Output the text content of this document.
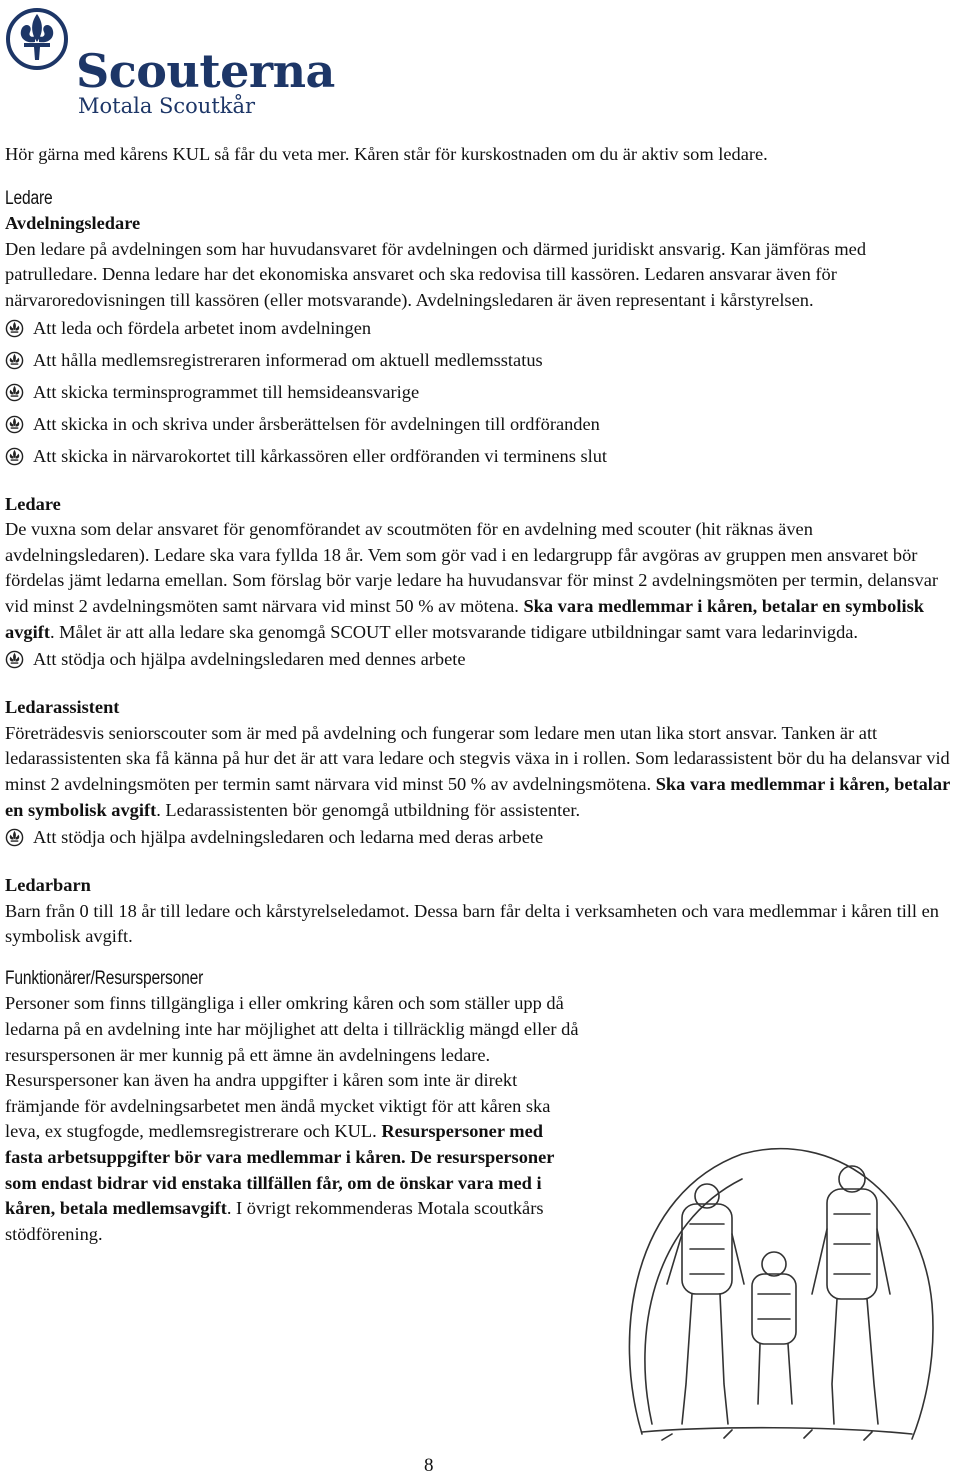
Scouterna
Motala Scoutkår

Hör gärna med kårens KUL så får du veta mer. Kåren står för kurskostnaden om du är aktiv som ledare.

Ledare

Avdelningsledare

Den ledare på avdelningen som har huvudansvaret för avdelningen och därmed juridiskt ansvarig. Kan jämföras med patrulledare. Denna ledare har det ekonomiska ansvaret och ska redovisa till kassören. Ledaren ansvarar även för närvaroredovisningen till kassören (eller motsvarande). Avdelningsledaren är även representant i kårstyrelsen.

Att leda och fördela arbetet inom avdelningen
Att hålla medlemsregistreraren informerad om aktuell medlemsstatus
Att skicka terminsprogrammet till hemsideansvarige
Att skicka in och skriva under årsberättelsen för avdelningen till ordföranden
Att skicka in närvarokortet till kårkassören eller ordföranden vi terminens slut

Ledare

De vuxna som delar ansvaret för genomförandet av scoutmöten för en avdelning med scouter (hit räknas även avdelningsledaren). Ledare ska vara fyllda 18 år. Vem som gör vad i en ledargrupp får avgöras av gruppen men ansvaret bör fördelas jämt ledarna emellan. Som förslag bör varje ledare ha huvudansvar för minst 2 avdelningsmöten per termin, delansvar vid minst 2 avdelningsmöten samt närvara vid minst 50 % av mötena. Ska vara medlemmar i kåren, betalar en symbolisk avgift. Målet är att alla ledare ska genomgå SCOUT eller motsvarande tidigare utbildningar samt vara ledarinvigda.

Att stödja och hjälpa avdelningsledaren med dennes arbete

Ledarassistent

Företrädesvis seniorscouter som är med på avdelning och fungerar som ledare men utan lika stort ansvar. Tanken är att ledarassistenten ska få känna på hur det är att vara ledare och stegvis växa in i rollen. Som ledarassistent bör du ha delansvar vid minst 2 avdelningsmöten per termin samt närvara vid minst 50 % av avdelningsmötena. Ska vara medlemmar i kåren, betalar en symbolisk avgift. Ledarassistenten bör genomgå utbildning för assistenter.

Att stödja och hjälpa avdelningsledaren och ledarna med deras arbete

Ledarbarn

Barn från 0 till 18 år till ledare och kårstyrelseledamot. Dessa barn får delta i verksamheten och vara medlemmar i kåren till en symbolisk avgift.

Funktionärer/Resurspersoner

Personer som finns tillgängliga i eller omkring kåren och som ställer upp då ledarna på en avdelning inte har möjlighet att delta i tillräcklig mängd eller då resurspersonen är mer kunnig på ett ämne än avdelningens ledare. Resurspersoner kan även ha andra uppgifter i kåren som inte är direkt främjande för avdelningsarbetet men ändå mycket viktigt för att kåren ska leva, ex stugfogde, medlemsregistrerare och KUL. Resurspersoner med fasta arbetsuppgifter bör vara medlemmar i kåren. De resurspersoner som endast bidrar vid enstaka tillfällen får, om de önskar vara med i kåren, betala medlemsavgift. I övrigt rekommenderas Motala scoutkårs stödförening.

8
